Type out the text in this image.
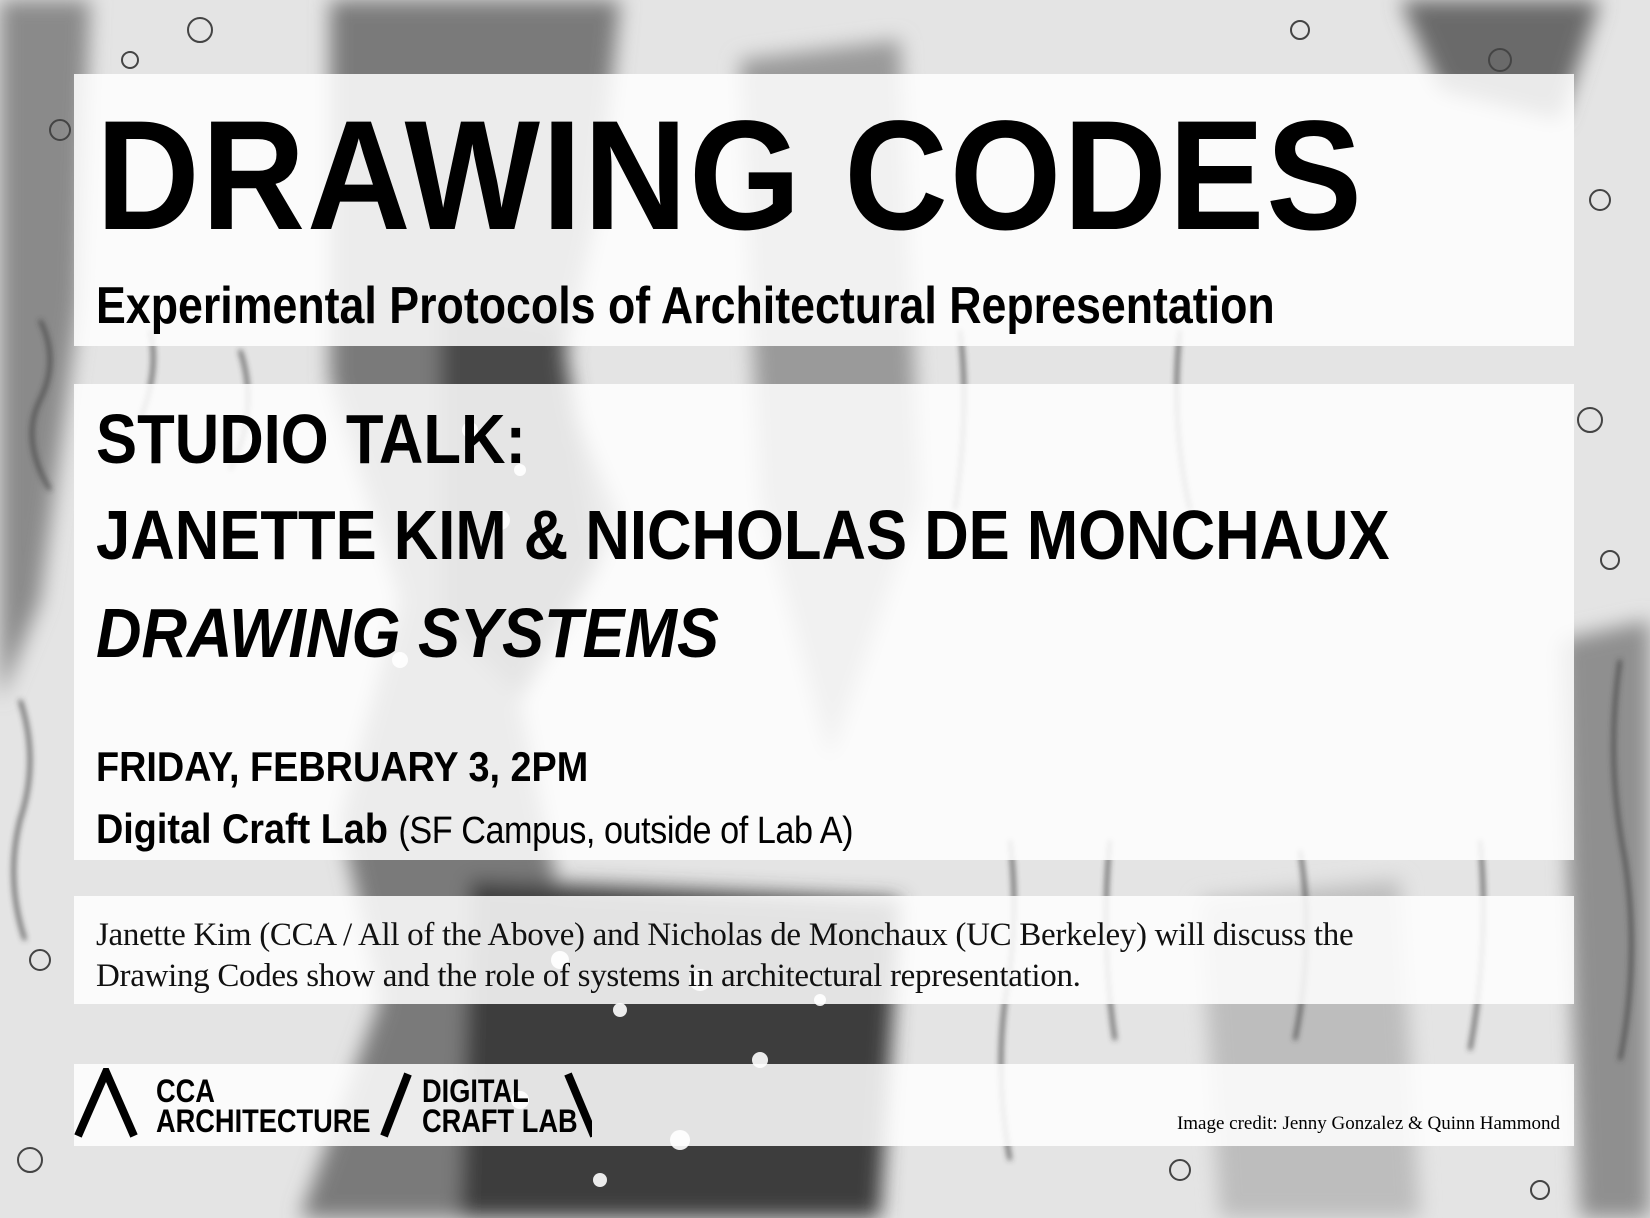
DRAWING CODES
Experimental Protocols of Architectural Representation
STUDIO TALK:
JANETTE KIM & NICHOLAS DE MONCHAUX
DRAWING SYSTEMS
FRIDAY, FEBRUARY 3, 2PM
Digital Craft Lab (SF Campus, outside of Lab A)
Janette Kim (CCA / All of the Above) and Nicholas de Monchaux (UC Berkeley) will discuss the
Drawing Codes show and the role of systems in architectural representation.
CCA
ARCHITECTURE
DIGITAL
CRAFT LAB	Image credit: Jenny Gonzalez & Quinn Hammond
